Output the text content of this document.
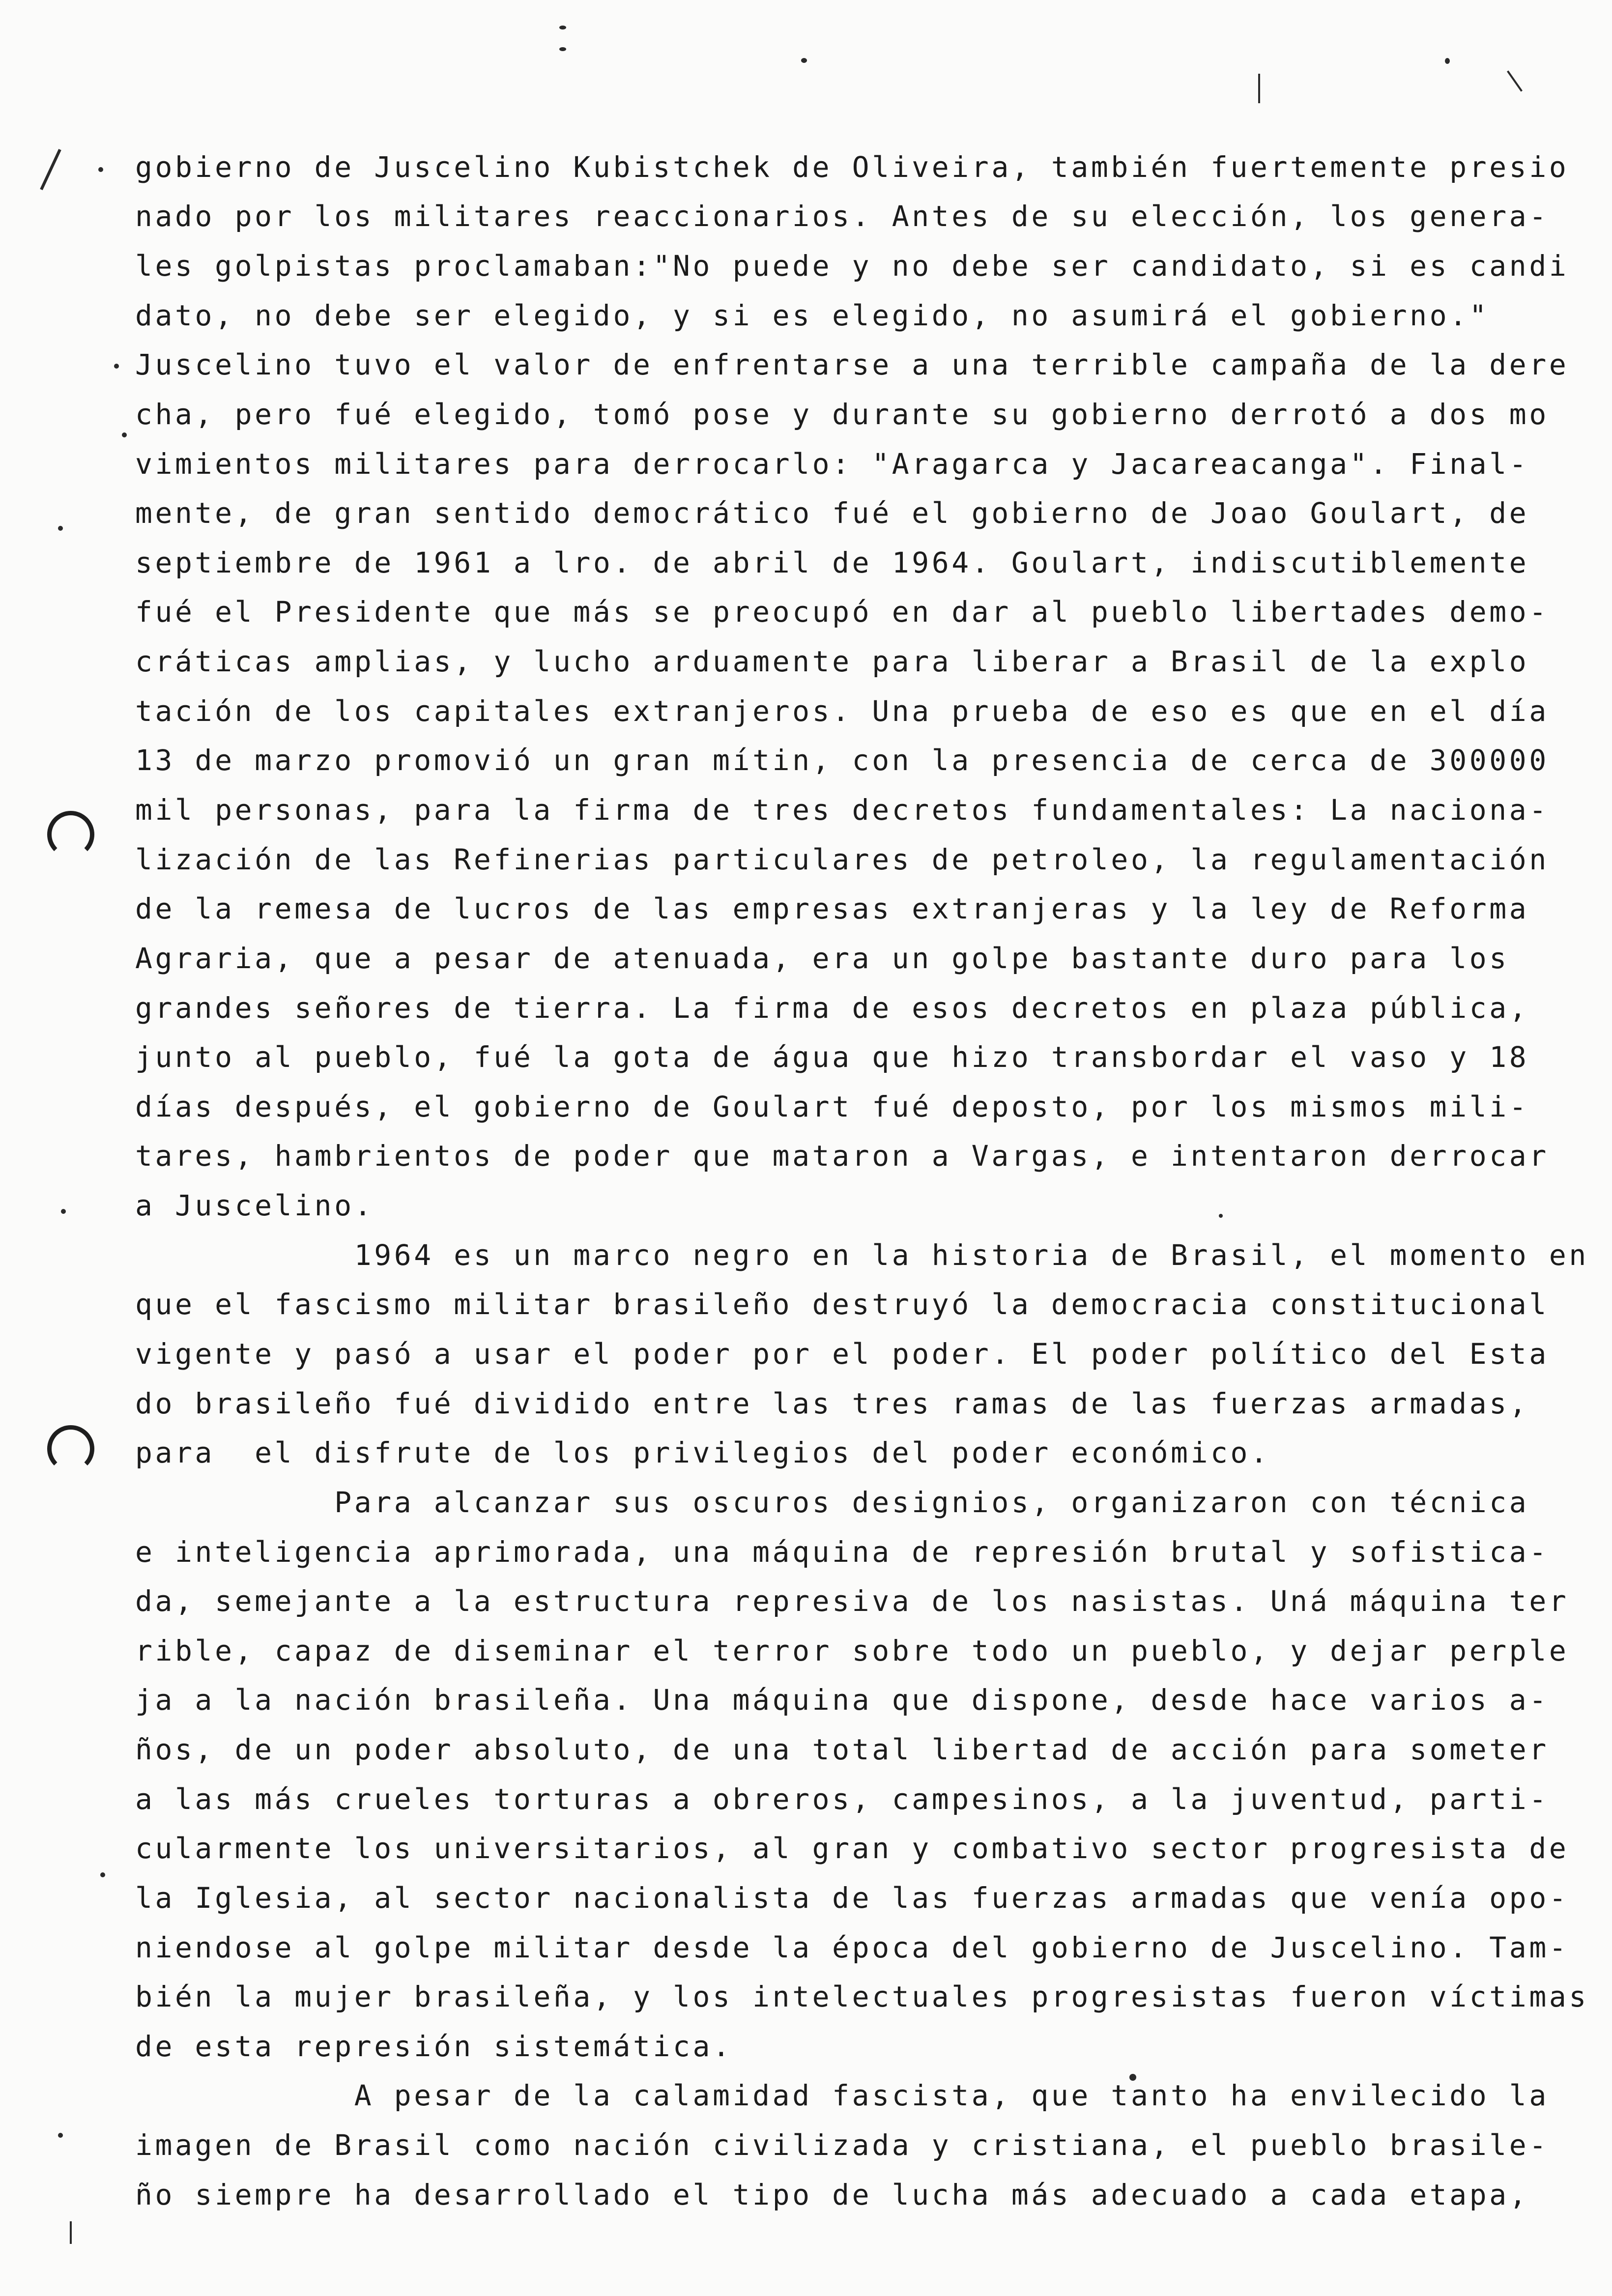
gobierno de Juscelino Kubistchek de Oliveira, también fuertemente presio

nado por los militares reaccionarios. Antes de su elección, los genera-

les golpistas proclamaban:"No puede y no debe ser candidato, si es candi

dato, no debe ser elegido, y si es elegido, no asumirá el gobierno."

Juscelino tuvo el valor de enfrentarse a una terrible campaña de la dere

cha, pero fué elegido, tomó pose y durante su gobierno derrotó a dos mo

vimientos militares para derrocarlo: "Aragarca y Jacareacanga". Final-

mente, de gran sentido democrático fué el gobierno de Joao Goulart, de

septiembre de 1961 a lro. de abril de 1964. Goulart, indiscutiblemente

fué el Presidente que más se preocupó en dar al pueblo libertades demo-

cráticas amplias, y lucho arduamente para liberar a Brasil de la explo

tación de los capitales extranjeros. Una prueba de eso es que en el día

13 de marzo promovió un gran mítin, con la presencia de cerca de 300000

mil personas, para la firma de tres decretos fundamentales: La naciona-

lización de las Refinerias particulares de petroleo, la regulamentación

de la remesa de lucros de las empresas extranjeras y la ley de Reforma

Agraria, que a pesar de atenuada, era un golpe bastante duro para los

grandes señores de tierra. La firma de esos decretos en plaza pública,

junto al pueblo, fué la gota de água que hizo transbordar el vaso y 18

días después, el gobierno de Goulart fué deposto, por los mismos mili-

tares, hambrientos de poder que mataron a Vargas, e intentaron derrocar

a Juscelino.

1964 es un marco negro en la historia de Brasil, el momento en

que el fascismo militar brasileño destruyó la democracia constitucional

vigente y pasó a usar el poder por el poder. El poder político del Esta

do brasileño fué dividido entre las tres ramas de las fuerzas armadas,

para  el disfrute de los privilegios del poder económico.

Para alcanzar sus oscuros designios, organizaron con técnica

e inteligencia aprimorada, una máquina de represión brutal y sofistica-

da, semejante a la estructura represiva de los nasistas. Uná máquina ter

rible, capaz de diseminar el terror sobre todo un pueblo, y dejar perple

ja a la nación brasileña. Una máquina que dispone, desde hace varios a-

ños, de un poder absoluto, de una total libertad de acción para someter

a las más crueles torturas a obreros, campesinos, a la juventud, parti-

cularmente los universitarios, al gran y combativo sector progresista de

la Iglesia, al sector nacionalista de las fuerzas armadas que venía opo-

niendose al golpe militar desde la época del gobierno de Juscelino. Tam-

bién la mujer brasileña, y los intelectuales progresistas fueron víctimas

de esta represión sistemática.

A pesar de la calamidad fascista, que tanto ha envilecido la

imagen de Brasil como nación civilizada y cristiana, el pueblo brasile-

ño siempre ha desarrollado el tipo de lucha más adecuado a cada etapa,
